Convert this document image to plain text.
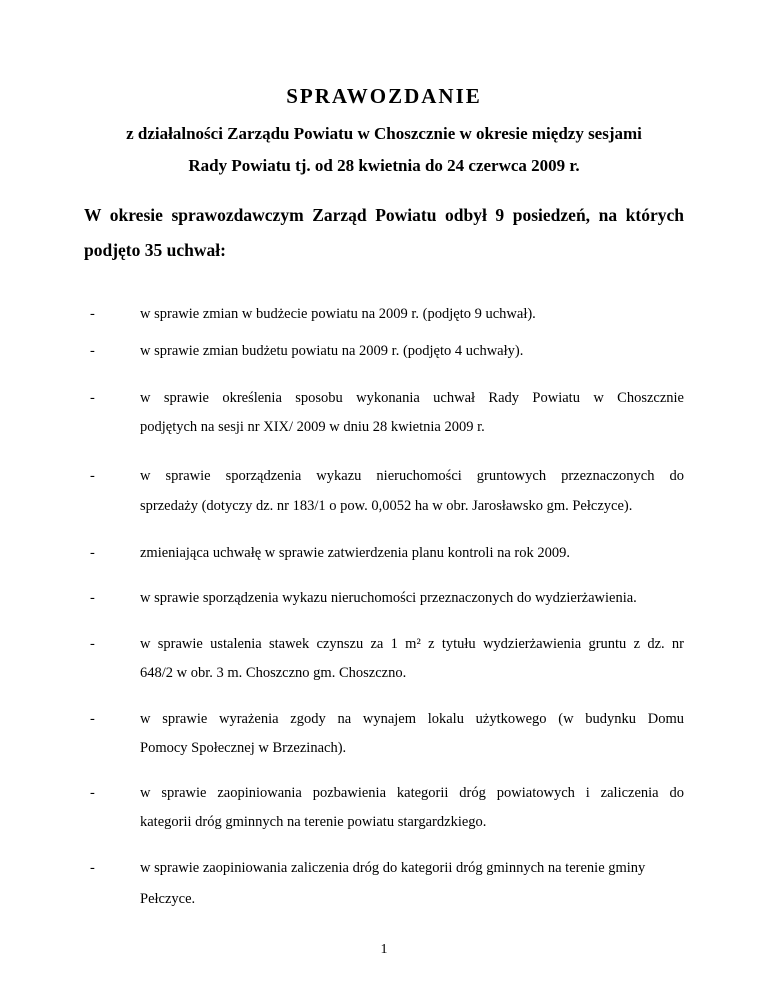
SPRAWOZDANIE
z działalności Zarządu Powiatu w Choszcznie w okresie między sesjami
Rady Powiatu tj. od 28 kwietnia do 24 czerwca 2009 r.
W okresie sprawozdawczym Zarząd Powiatu odbył 9 posiedzeń, na których
podjęto 35 uchwał:
-	w sprawie zmian w budżecie powiatu na 2009 r. (podjęto 9 uchwał).
-	w sprawie zmian budżetu powiatu na 2009 r. (podjęto 4 uchwały).
-	w sprawie określenia sposobu wykonania uchwał Rady Powiatu w Choszcznie
podjętych na sesji nr XIX/ 2009 w dniu 28 kwietnia 2009 r.
-	w sprawie sporządzenia wykazu nieruchomości gruntowych przeznaczonych do
sprzedaży (dotyczy dz. nr 183/1 o pow. 0,0052 ha w obr. Jarosławsko gm. Pełczyce).
-	zmieniająca uchwałę w sprawie zatwierdzenia planu kontroli na rok 2009.
-	w sprawie sporządzenia wykazu nieruchomości przeznaczonych do wydzierżawienia.
-	w sprawie ustalenia stawek czynszu za 1 m² z tytułu wydzierżawienia gruntu z dz. nr
648/2 w obr. 3 m. Choszczno gm. Choszczno.
-	w sprawie wyrażenia zgody na wynajem lokalu użytkowego (w budynku Domu
Pomocy Społecznej w Brzezinach).
-	w sprawie zaopiniowania pozbawienia kategorii dróg powiatowych i zaliczenia do
kategorii dróg gminnych na terenie powiatu stargardzkiego.
-	w sprawie zaopiniowania zaliczenia dróg do kategorii dróg gminnych na terenie gminy
Pełczyce.
1
